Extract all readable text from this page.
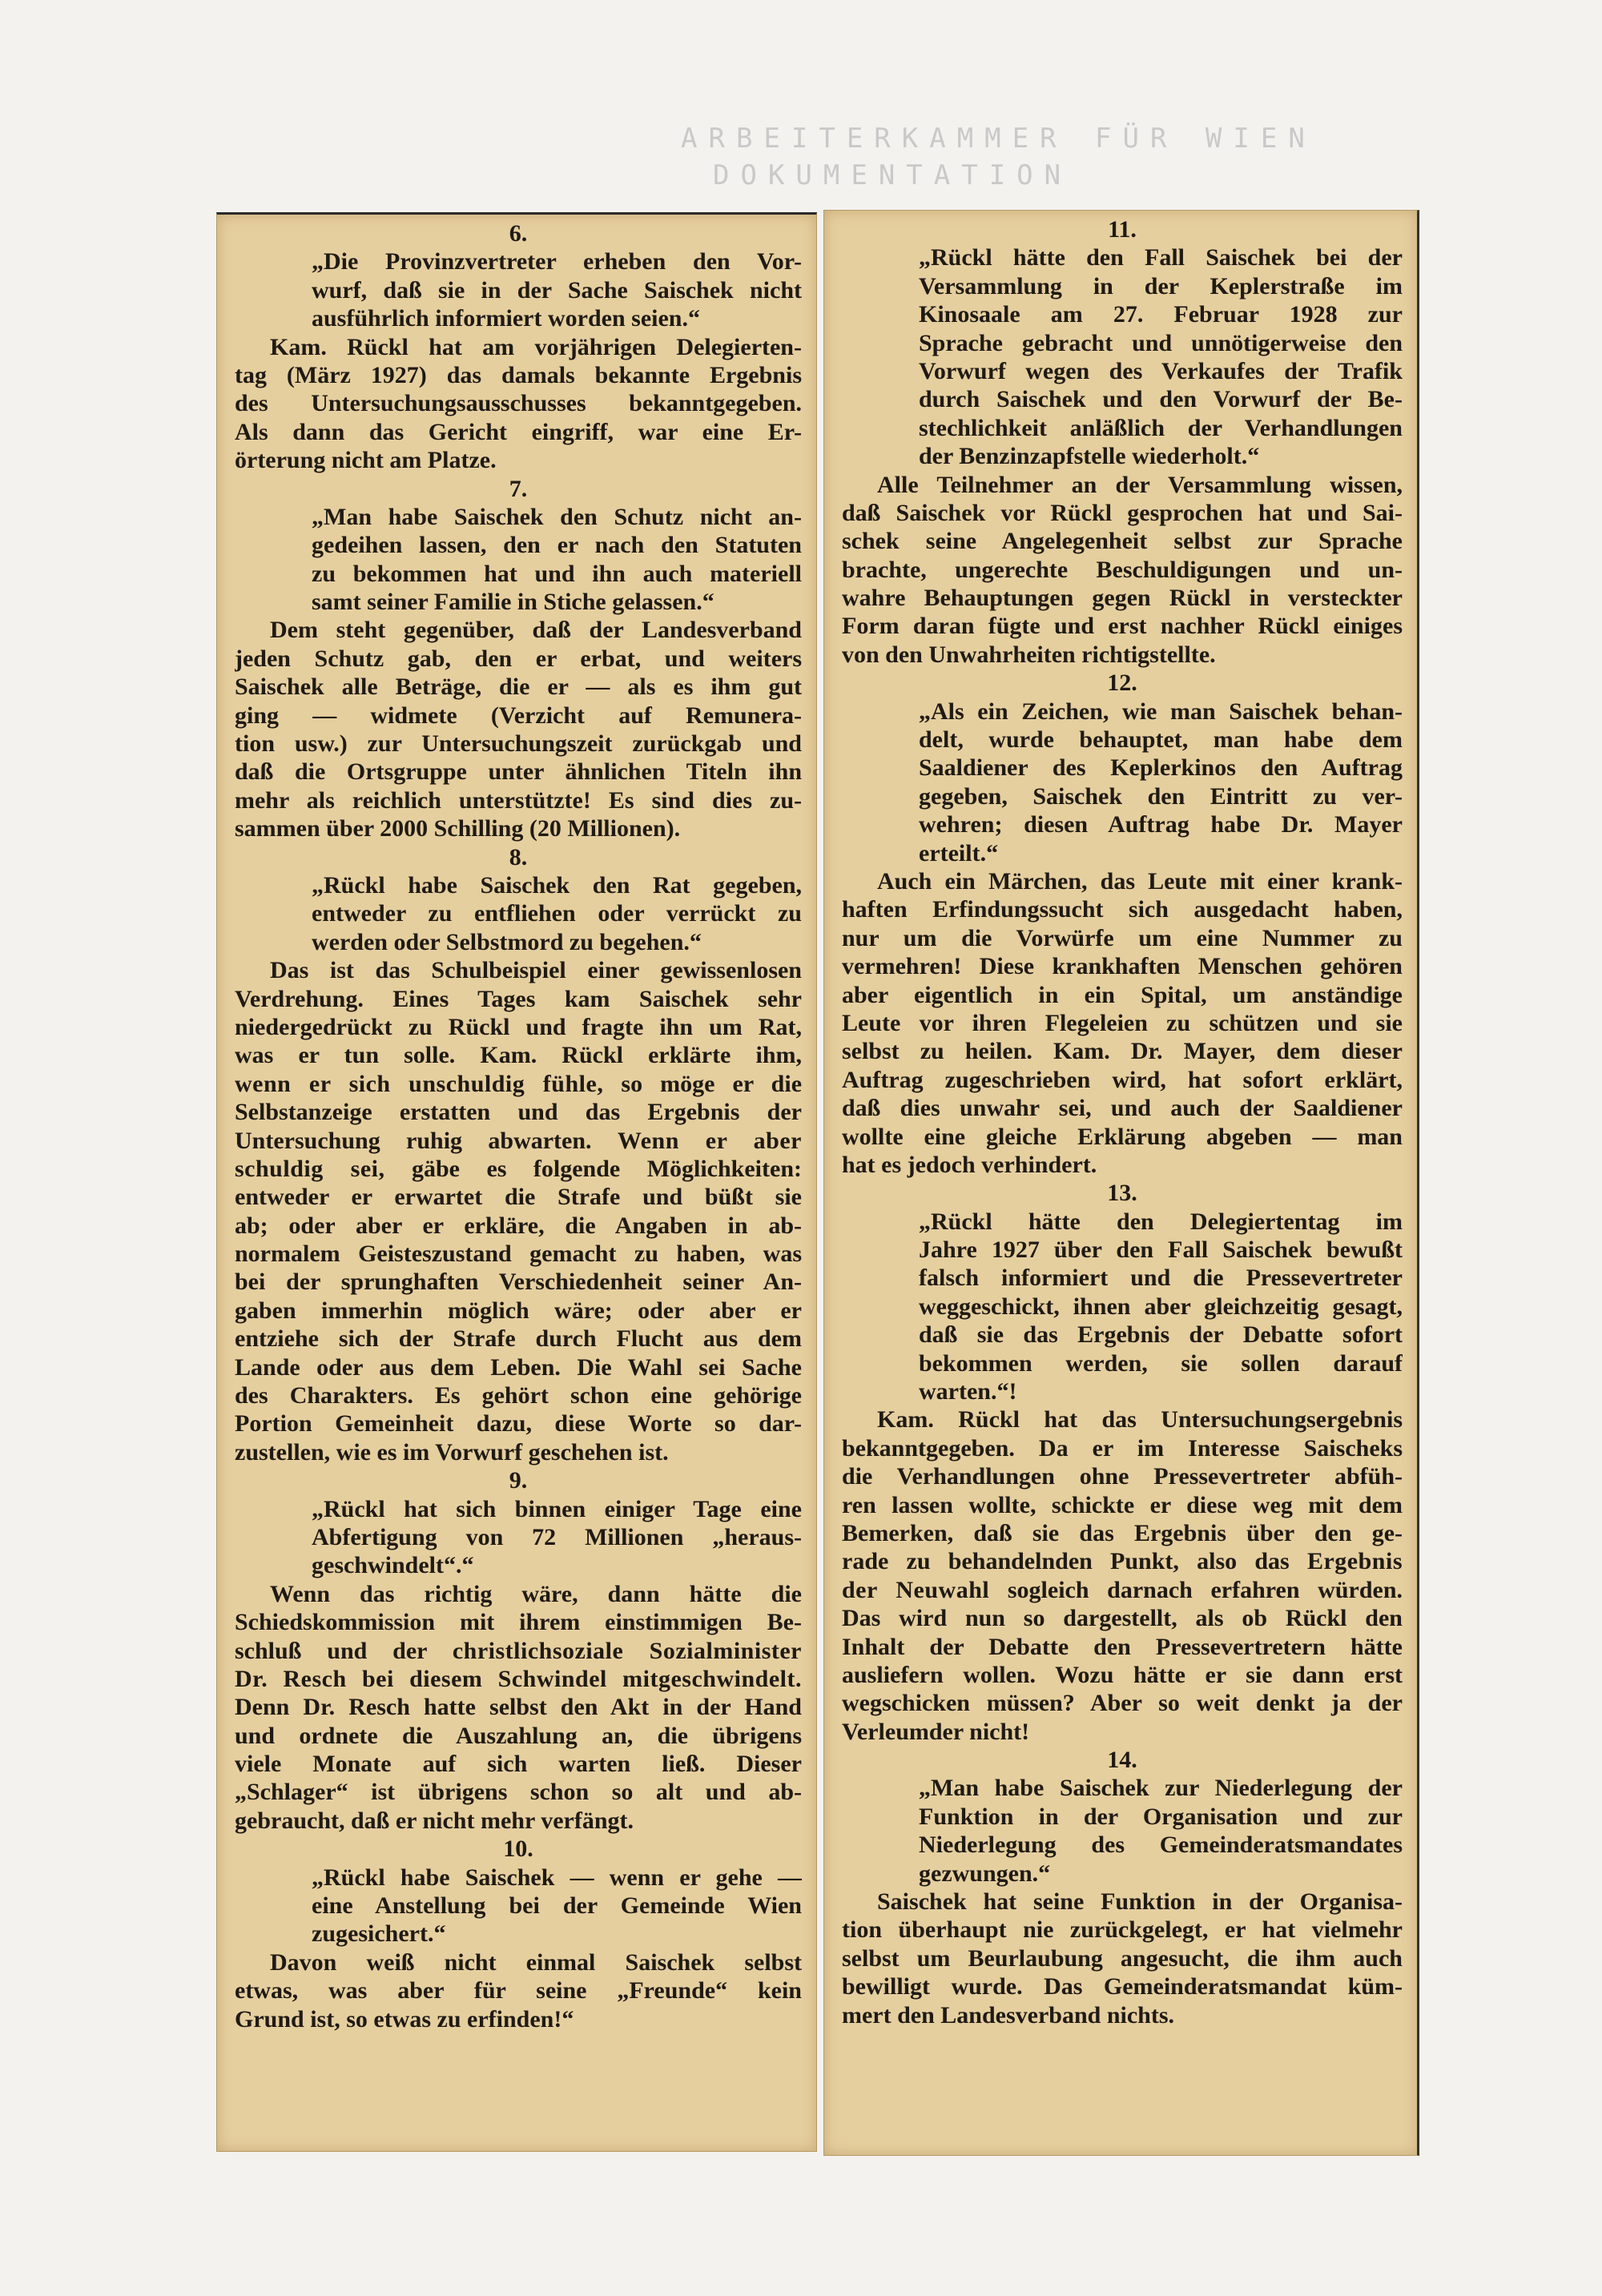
ARBEITERKAMMER FÜR WIEN
DOKUMENTATION
6.
„Die Provinzvertreter erheben den Vor-
wurf, daß sie in der Sache Saischek nicht
ausführlich informiert worden seien.“
Kam. Rückl hat am vorjährigen Delegierten-
tag (März 1927) das damals bekannte Ergebnis
des Untersuchungsausschusses bekanntgegeben.
Als dann das Gericht eingriff, war eine Er-
örterung nicht am Platze.
7.
„Man habe Saischek den Schutz nicht an-
gedeihen lassen, den er nach den Statuten
zu bekommen hat und ihn auch materiell
samt seiner Familie in Stiche gelassen.“
Dem steht gegenüber, daß der Landesverband
jeden Schutz gab, den er erbat, und weiters
Saischek alle Beträge, die er — als es ihm gut
ging — widmete (Verzicht auf Remunera-
tion usw.) zur Untersuchungszeit zurückgab und
daß die Ortsgruppe unter ähnlichen Titeln ihn
mehr als reichlich unterstützte! Es sind dies zu-
sammen über 2000 Schilling (20 Millionen).
8.
„Rückl habe Saischek den Rat gegeben,
entweder zu entfliehen oder verrückt zu
werden oder Selbstmord zu begehen.“
Das ist das Schulbeispiel einer gewissenlosen
Verdrehung. Eines Tages kam Saischek sehr
niedergedrückt zu Rückl und fragte ihn um Rat,
was er tun solle. Kam. Rückl erklärte ihm,
wenn er sich unschuldig fühle, so möge er die
Selbstanzeige erstatten und das Ergebnis der
Untersuchung ruhig abwarten. Wenn er aber
schuldig sei, gäbe es folgende Möglichkeiten:
entweder er erwartet die Strafe und büßt sie
ab; oder aber er erkläre, die Angaben in ab-
normalem Geisteszustand gemacht zu haben, was
bei der sprunghaften Verschiedenheit seiner An-
gaben immerhin möglich wäre; oder aber er
entziehe sich der Strafe durch Flucht aus dem
Lande oder aus dem Leben. Die Wahl sei Sache
des Charakters. Es gehört schon eine gehörige
Portion Gemeinheit dazu, diese Worte so dar-
zustellen, wie es im Vorwurf geschehen ist.
9.
„Rückl hat sich binnen einiger Tage eine
Abfertigung von 72 Millionen „heraus-
geschwindelt“.“
Wenn das richtig wäre, dann hätte die
Schiedskommission mit ihrem einstimmigen Be-
schluß und der christlichsoziale Sozialminister
Dr. Resch bei diesem Schwindel mitgeschwindelt.
Denn Dr. Resch hatte selbst den Akt in der Hand
und ordnete die Auszahlung an, die übrigens
viele Monate auf sich warten ließ. Dieser
„Schlager“ ist übrigens schon so alt und ab-
gebraucht, daß er nicht mehr verfängt.
10.
„Rückl habe Saischek — wenn er gehe —
eine Anstellung bei der Gemeinde Wien
zugesichert.“
Davon weiß nicht einmal Saischek selbst
etwas, was aber für seine „Freunde“ kein
Grund ist, so etwas zu erfinden!“
11.
„Rückl hätte den Fall Saischek bei der
Versammlung in der Keplerstraße im
Kinosaale am 27. Februar 1928 zur
Sprache gebracht und unnötigerweise den
Vorwurf wegen des Verkaufes der Trafik
durch Saischek und den Vorwurf der Be-
stechlichkeit anläßlich der Verhandlungen
der Benzinzapfstelle wiederholt.“
Alle Teilnehmer an der Versammlung wissen,
daß Saischek vor Rückl gesprochen hat und Sai-
schek seine Angelegenheit selbst zur Sprache
brachte, ungerechte Beschuldigungen und un-
wahre Behauptungen gegen Rückl in versteckter
Form daran fügte und erst nachher Rückl einiges
von den Unwahrheiten richtigstellte.
12.
„Als ein Zeichen, wie man Saischek behan-
delt, wurde behauptet, man habe dem
Saaldiener des Keplerkinos den Auftrag
gegeben, Saischek den Eintritt zu ver-
wehren; diesen Auftrag habe Dr. Mayer
erteilt.“
Auch ein Märchen, das Leute mit einer krank-
haften Erfindungssucht sich ausgedacht haben,
nur um die Vorwürfe um eine Nummer zu
vermehren! Diese krankhaften Menschen gehören
aber eigentlich in ein Spital, um anständige
Leute vor ihren Flegeleien zu schützen und sie
selbst zu heilen. Kam. Dr. Mayer, dem dieser
Auftrag zugeschrieben wird, hat sofort erklärt,
daß dies unwahr sei, und auch der Saaldiener
wollte eine gleiche Erklärung abgeben — man
hat es jedoch verhindert.
13.
„Rückl hätte den Delegiertentag im
Jahre 1927 über den Fall Saischek bewußt
falsch informiert und die Pressevertreter
weggeschickt, ihnen aber gleichzeitig gesagt,
daß sie das Ergebnis der Debatte sofort
bekommen werden, sie sollen darauf
warten.“!
Kam. Rückl hat das Untersuchungsergebnis
bekanntgegeben. Da er im Interesse Saischeks
die Verhandlungen ohne Pressevertreter abfüh-
ren lassen wollte, schickte er diese weg mit dem
Bemerken, daß sie das Ergebnis über den ge-
rade zu behandelnden Punkt, also das Ergebnis
der Neuwahl sogleich darnach erfahren würden.
Das wird nun so dargestellt, als ob Rückl den
Inhalt der Debatte den Pressevertretern hätte
ausliefern wollen. Wozu hätte er sie dann erst
wegschicken müssen? Aber so weit denkt ja der
Verleumder nicht!
14.
„Man habe Saischek zur Niederlegung der
Funktion in der Organisation und zur
Niederlegung des Gemeinderatsmandates
gezwungen.“
Saischek hat seine Funktion in der Organisa-
tion überhaupt nie zurückgelegt, er hat vielmehr
selbst um Beurlaubung angesucht, die ihm auch
bewilligt wurde. Das Gemeinderatsmandat küm-
mert den Landesverband nichts.
